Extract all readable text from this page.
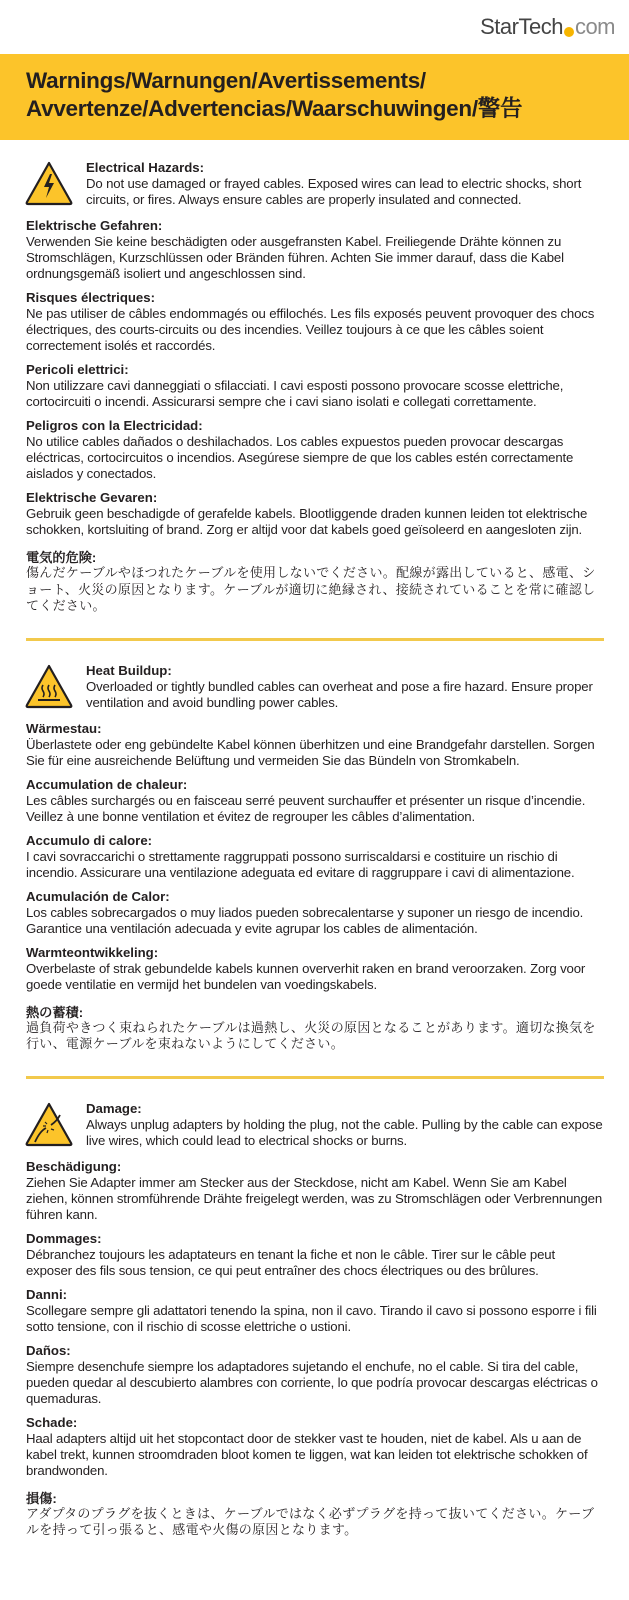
StarTech com
Warnings/Warnungen/Avertissements/
Avvertenze/Advertencias/Waarschuwingen/警告
Electrical Hazards:
Do not use damaged or frayed cables. Exposed wires can lead to electric shocks, short circuits, or fires. Always ensure cables are properly insulated and connected.
Elektrische Gefahren:
Verwenden Sie keine beschädigten oder ausgefransten Kabel. Freiliegende Drähte können zu Stromschlägen, Kurzschlüssen oder Bränden führen. Achten Sie immer darauf, dass die Kabel ordnungsgemäß isoliert und angeschlossen sind.
Risques électriques:
Ne pas utiliser de câbles endommagés ou effilochés. Les fils exposés peuvent provoquer des chocs électriques, des courts-circuits ou des incendies. Veillez toujours à ce que les câbles soient correctement isolés et raccordés.
Pericoli elettrici:
Non utilizzare cavi danneggiati o sfilacciati. I cavi esposti possono provocare scosse elettriche, cortocircuiti o incendi. Assicurarsi sempre che i cavi siano isolati e collegati correttamente.
Peligros con la Electricidad:
No utilice cables dañados o deshilachados. Los cables expuestos pueden provocar descargas eléctricas, cortocircuitos o incendios. Asegúrese siempre de que los cables estén correctamente aislados y conectados.
Elektrische Gevaren:
Gebruik geen beschadigde of gerafelde kabels. Blootliggende draden kunnen leiden tot elektrische schokken, kortsluiting of brand. Zorg er altijd voor dat kabels goed geïsoleerd en aangesloten zijn.
電気的危険:
傷んだケーブルやほつれたケーブルを使用しないでください。配線が露出していると、感電、ショート、火災の原因となります。ケーブルが適切に絶縁され、接続されていることを常に確認してください。
Heat Buildup:
Overloaded or tightly bundled cables can overheat and pose a fire hazard. Ensure proper ventilation and avoid bundling power cables.
Wärmestau:
Überlastete oder eng gebündelte Kabel können überhitzen und eine Brandgefahr darstellen. Sorgen Sie für eine ausreichende Belüftung und vermeiden Sie das Bündeln von Stromkabeln.
Accumulation de chaleur:
Les câbles surchargés ou en faisceau serré peuvent surchauffer et présenter un risque d’incendie. Veillez à une bonne ventilation et évitez de regrouper les câbles d’alimentation.
Accumulo di calore:
I cavi sovraccarichi o strettamente raggruppati possono surriscaldarsi e costituire un rischio di incendio. Assicurare una ventilazione adeguata ed evitare di raggruppare i cavi di alimentazione.
Acumulación de Calor:
Los cables sobrecargados o muy liados pueden sobrecalentarse y suponer un riesgo de incendio. Garantice una ventilación adecuada y evite agrupar los cables de alimentación.
Warmteontwikkeling:
Overbelaste of strak gebundelde kabels kunnen oververhit raken en brand veroorzaken. Zorg voor goede ventilatie en vermijd het bundelen van voedingskabels.
熱の蓄積:
過負荷やきつく束ねられたケーブルは過熱し、火災の原因となることがあります。適切な換気を行い、電源ケーブルを束ねないようにしてください。
Damage:
Always unplug adapters by holding the plug, not the cable. Pulling by the cable can expose live wires, which could lead to electrical shocks or burns.
Beschädigung:
Ziehen Sie Adapter immer am Stecker aus der Steckdose, nicht am Kabel. Wenn Sie am Kabel ziehen, können stromführende Drähte freigelegt werden, was zu Stromschlägen oder Verbrennungen führen kann.
Dommages:
Débranchez toujours les adaptateurs en tenant la fiche et non le câble. Tirer sur le câble peut exposer des fils sous tension, ce qui peut entraîner des chocs électriques ou des brûlures.
Danni:
Scollegare sempre gli adattatori tenendo la spina, non il cavo. Tirando il cavo si possono esporre i fili sotto tensione, con il rischio di scosse elettriche o ustioni.
Daños:
Siempre desenchufe siempre los adaptadores sujetando el enchufe, no el cable. Si tira del cable, pueden quedar al descubierto alambres con corriente, lo que podría provocar descargas eléctricas o quemaduras.
Schade:
Haal adapters altijd uit het stopcontact door de stekker vast te houden, niet de kabel. Als u aan de kabel trekt, kunnen stroomdraden bloot komen te liggen, wat kan leiden tot elektrische schokken of brandwonden.
損傷:
アダプタのプラグを抜くときは、ケーブルではなく必ずプラグを持って抜いてください。ケーブルを持って引っ張ると、感電や火傷の原因となります。
